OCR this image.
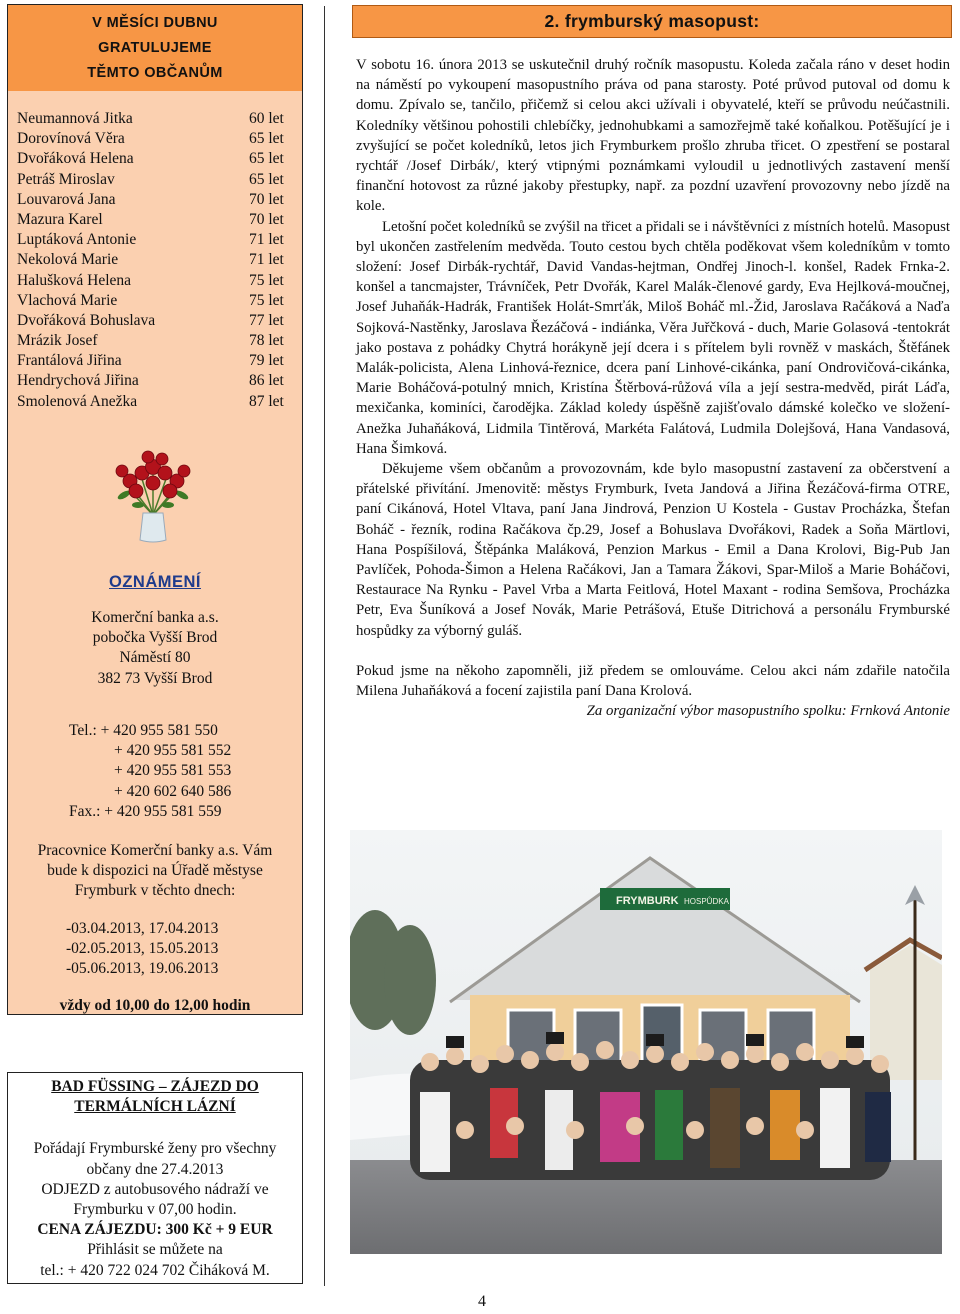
V MĚSÍCI DUBNU
GRATULUJEME
TĚMTO OBČANŮM
Neumannová Jitka	60 let
Dorovínová Věra	65 let
Dvořáková Helena	65 let
Petráš Miroslav	65 let
Louvarová Jana	70 let
Mazura Karel	70 let
Luptáková Antonie	71 let
Nekolová Marie	71 let
Halušková Helena	75 let
Vlachová Marie	75 let
Dvořáková Bohuslava	77 let
Mrázik Josef	78 let
Frantálová Jiřina	79 let
Hendrychová Jiřina	86 let
Smolenová Anežka	87 let
OZNÁMENÍ
Komerční banka a.s.
pobočka Vyšší Brod
Náměstí 80
382 73 Vyšší Brod
Tel.: + 420 955 581 550
+ 420 955 581 552
+ 420 955 581 553
+ 420 602 640 586
Fax.: + 420 955 581 559
Pracovnice Komerční banky a.s. Vám
bude k dispozici na Úřadě městyse
Frymburk v těchto dnech:
-03.04.2013, 17.04.2013
-02.05.2013, 15.05.2013
-05.06.2013, 19.06.2013
vždy od 10,00 do 12,00 hodin
BAD FÜSSING – ZÁJEZD DO
TERMÁLNÍCH LÁZNÍ
Pořádají Frymburské ženy pro všechny
občany dne 27.4.2013
ODJEZD z autobusového nádraží ve
Frymburku v 07,00 hodin.
CENA ZÁJEZDU: 300 Kč + 9 EUR
Přihlásit se můžete na
tel.: + 420 722 024 702 Čiháková M.
2. frymburský masopust:

V sobotu 16. února 2013 se uskutečnil druhý ročník masopustu. Koleda začala ráno v deset hodin na náměstí po vykoupení masopustního práva od pana starosty. Poté průvod putoval od domu k domu. Zpívalo se, tančilo, přičemž si celou akci užívali i obyvatelé, kteří se průvodu neúčastnili. Koledníky většinou pohostili chlebíčky, jednohubkami a samozřejmě také koňalkou. Potěšující je i zvyšující se počet koledníků, letos jich Frymburkem prošlo zhruba třicet. O zpestření se postaral rychtář /Josef Dirbák/, který vtipnými poznámkami vyloudil u jednotlivých zastavení menší finanční hotovost za různé jakoby přestupky, např. za pozdní uzavření provozovny nebo jízdě na kole.

Letošní počet koledníků se zvýšil na třicet a přidali se i návštěvníci z místních hotelů. Masopust byl ukončen zastřelením medvěda. Touto cestou bych chtěla poděkovat všem koledníkům v tomto složení: Josef Dirbák-rychtář, David Vandas-hejtman, Ondřej Jinoch-l. konšel, Radek Frnka-2. konšel a tancmajster, Trávníček, Petr Dvořák, Karel Malák-členové gardy, Eva Hejlková-moučnej, Josef Juhaňák-Hadrák, František Holát-Smrťák, Miloš Boháč ml.-Žid, Jaroslava Račáková a Naďa Sojková-Nastěnky, Jaroslava Řezáčová - indiánka, Věra Juřčková - duch, Marie Golasová -tentokrát jako postava z pohádky Chytrá horákyně její dcera i s přítelem byli rovněž v maskách, Štěfánek Malák-policista, Alena Linhová-řeznice, dcera paní Linhové-cikánka, paní Ondrovičová-cikánka, Marie Boháčová-potulný mnich, Kristína Štěrbová-růžová víla a její sestra-medvěd, pirát Láďa, mexičanka, kominíci, čarodějka. Základ koledy úspěšně zajišťovalo dámské kolečko ve složení- Anežka Juhaňáková, Lidmila Tintěrová, Markéta Falátová, Ludmila Dolejšová, Hana Vandasová, Hana Šimková.

Děkujeme všem občanům a provozovnám, kde bylo masopustní zastavení za občerstvení a přátelské přivítání. Jmenovitě: městys Frymburk, Iveta Jandová a Jiřina Řezáčová-firma OTRE, paní Cikánová, Hotel Vltava, paní Jana Jindrová, Penzion U Kostela - Gustav Procházka, Štefan Boháč - řezník, rodina Račákova čp.29, Josef a Bohuslava Dvořákovi, Radek a Soňa Märtlovi, Hana Pospíšilová, Štěpánka Maláková, Penzion Markus - Emil a Dana Krolovi, Big-Pub Jan Pavlíček, Pohoda-Šimon a Helena Račákovi, Jan a Tamara Žákovi, Spar-Miloš a Marie Boháčovi, Restaurace Na Rynku - Pavel Vrba a Marta Feitlová, Hotel Maxant - rodina Semšova, Procházka Petr, Eva Šuníková a Josef Novák, Marie Petrášová, Etuše Ditrichová a personálu Frymburské hospůdky za výborný guláš.

Pokud jsme na někoho zapomněli, již předem se omlouváme. Celou akci nám zdařile natočila Milena Juhaňáková a focení zajistila paní Dana Krolová.

Za organizační výbor masopustního spolku: Frnková Antonie

FRYMBURK HOSPŮDKA
4
